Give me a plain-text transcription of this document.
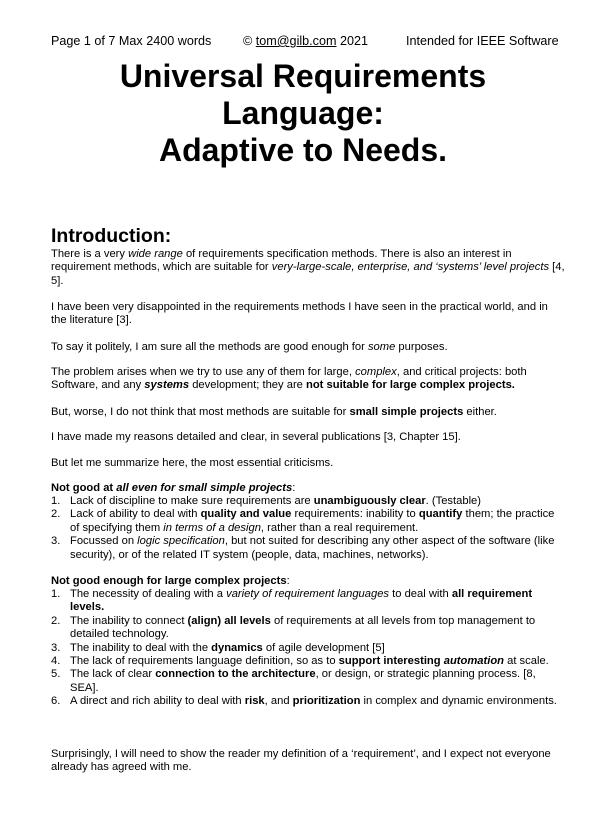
Page 1 of 7 Max 2400 words	© tom@gilb.com 2021	Intended for IEEE Software
Universal Requirements
Language:
Adaptive to Needs.
Introduction:

There is a very wide range of requirements specification methods. There is also an interest in requirement methods, which are suitable for very-large-scale, enterprise, and ‘systems’ level projects [4, 5].

I have been very disappointed in the requirements methods I have seen in the practical world, and in the literature [3].

To say it politely, I am sure all the methods are good enough for some purposes.

The problem arises when we try to use any of them for large, complex, and critical projects: both Software, and any systems development; they are not suitable for large complex projects.

But, worse, I do not think that most methods are suitable for small simple projects either.

I have made my reasons detailed and clear, in several publications [3, Chapter 15].

But let me summarize here, the most essential criticisms.

Not good at all even for small simple projects:

1. Lack of discipline to make sure requirements are unambiguously clear. (Testable)
2. Lack of ability to deal with quality and value requirements: inability to quantify them; the practice of specifying them in terms of a design, rather than a real requirement.
3. Focussed on logic specification, but not suited for describing any other aspect of the software (like security), or of the related IT system (people, data, machines, networks).

Not good enough for large complex projects:

1. The necessity of dealing with a variety of requirement languages to deal with all requirement levels.
2. The inability to connect (align) all levels of requirements at all levels from top management to detailed technology.
3. The inability to deal with the dynamics of agile development [5]
4. The lack of requirements language definition, so as to support interesting automation at scale.
5. The lack of clear connection to the architecture, or design, or strategic planning process. [8, SEA].
6. A direct and rich ability to deal with risk, and prioritization in complex and dynamic environments.

Surprisingly, I will need to show the reader my definition of a ‘requirement’, and I expect not everyone already has agreed with me.
